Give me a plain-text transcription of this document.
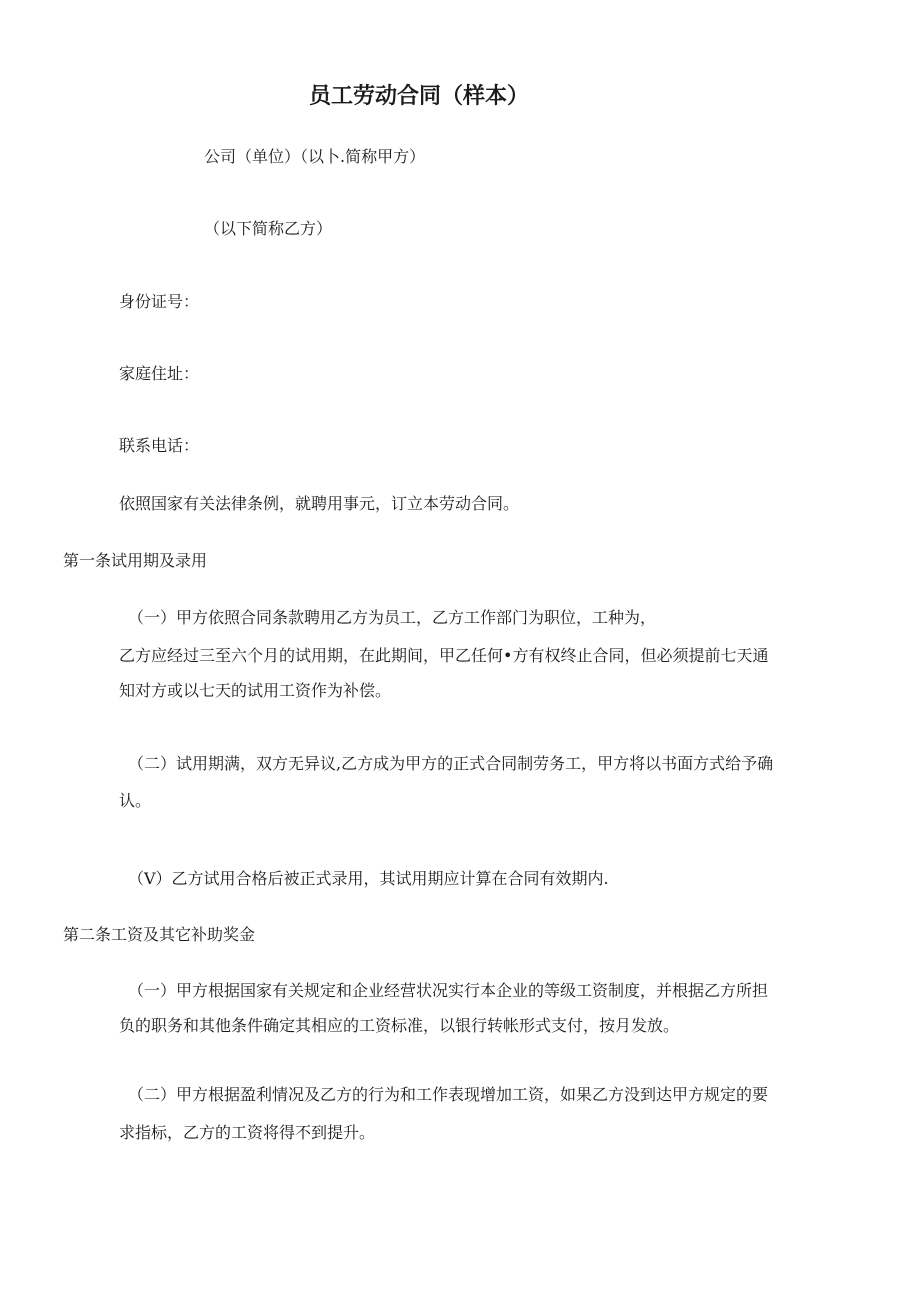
员工劳动合同（样本）
公司（单位）（以卜.简称甲方）
（以下简称乙方）
身份证号：
家庭住址：
联系电话：
依照国家有关法律条例，就聘用事元，订立本劳动合同。
第一条试用期及录用
（一）甲方依照合同条款聘用乙方为员工，乙方工作部门为职位，工种为，
乙方应经过三至六个月的试用期，在此期间，甲乙任何•方有权终止合同，但必须提前七天通
知对方或以七天的试用工资作为补偿。
（二）试用期满，双方无异议,乙方成为甲方的正式合同制劳务工，甲方将以书面方式给予确
认。
（V）乙方试用合格后被正式录用，其试用期应计算在合同有效期内.
第二条工资及其它补助奖金
（一）甲方根据国家有关规定和企业经营状况实行本企业的等级工资制度，并根据乙方所担
负的职务和其他条件确定其相应的工资标准，以银行转帐形式支付，按月发放。
（二）甲方根据盈利情况及乙方的行为和工作表现增加工资，如果乙方没到达甲方规定的要
求指标，乙方的工资将得不到提升。
